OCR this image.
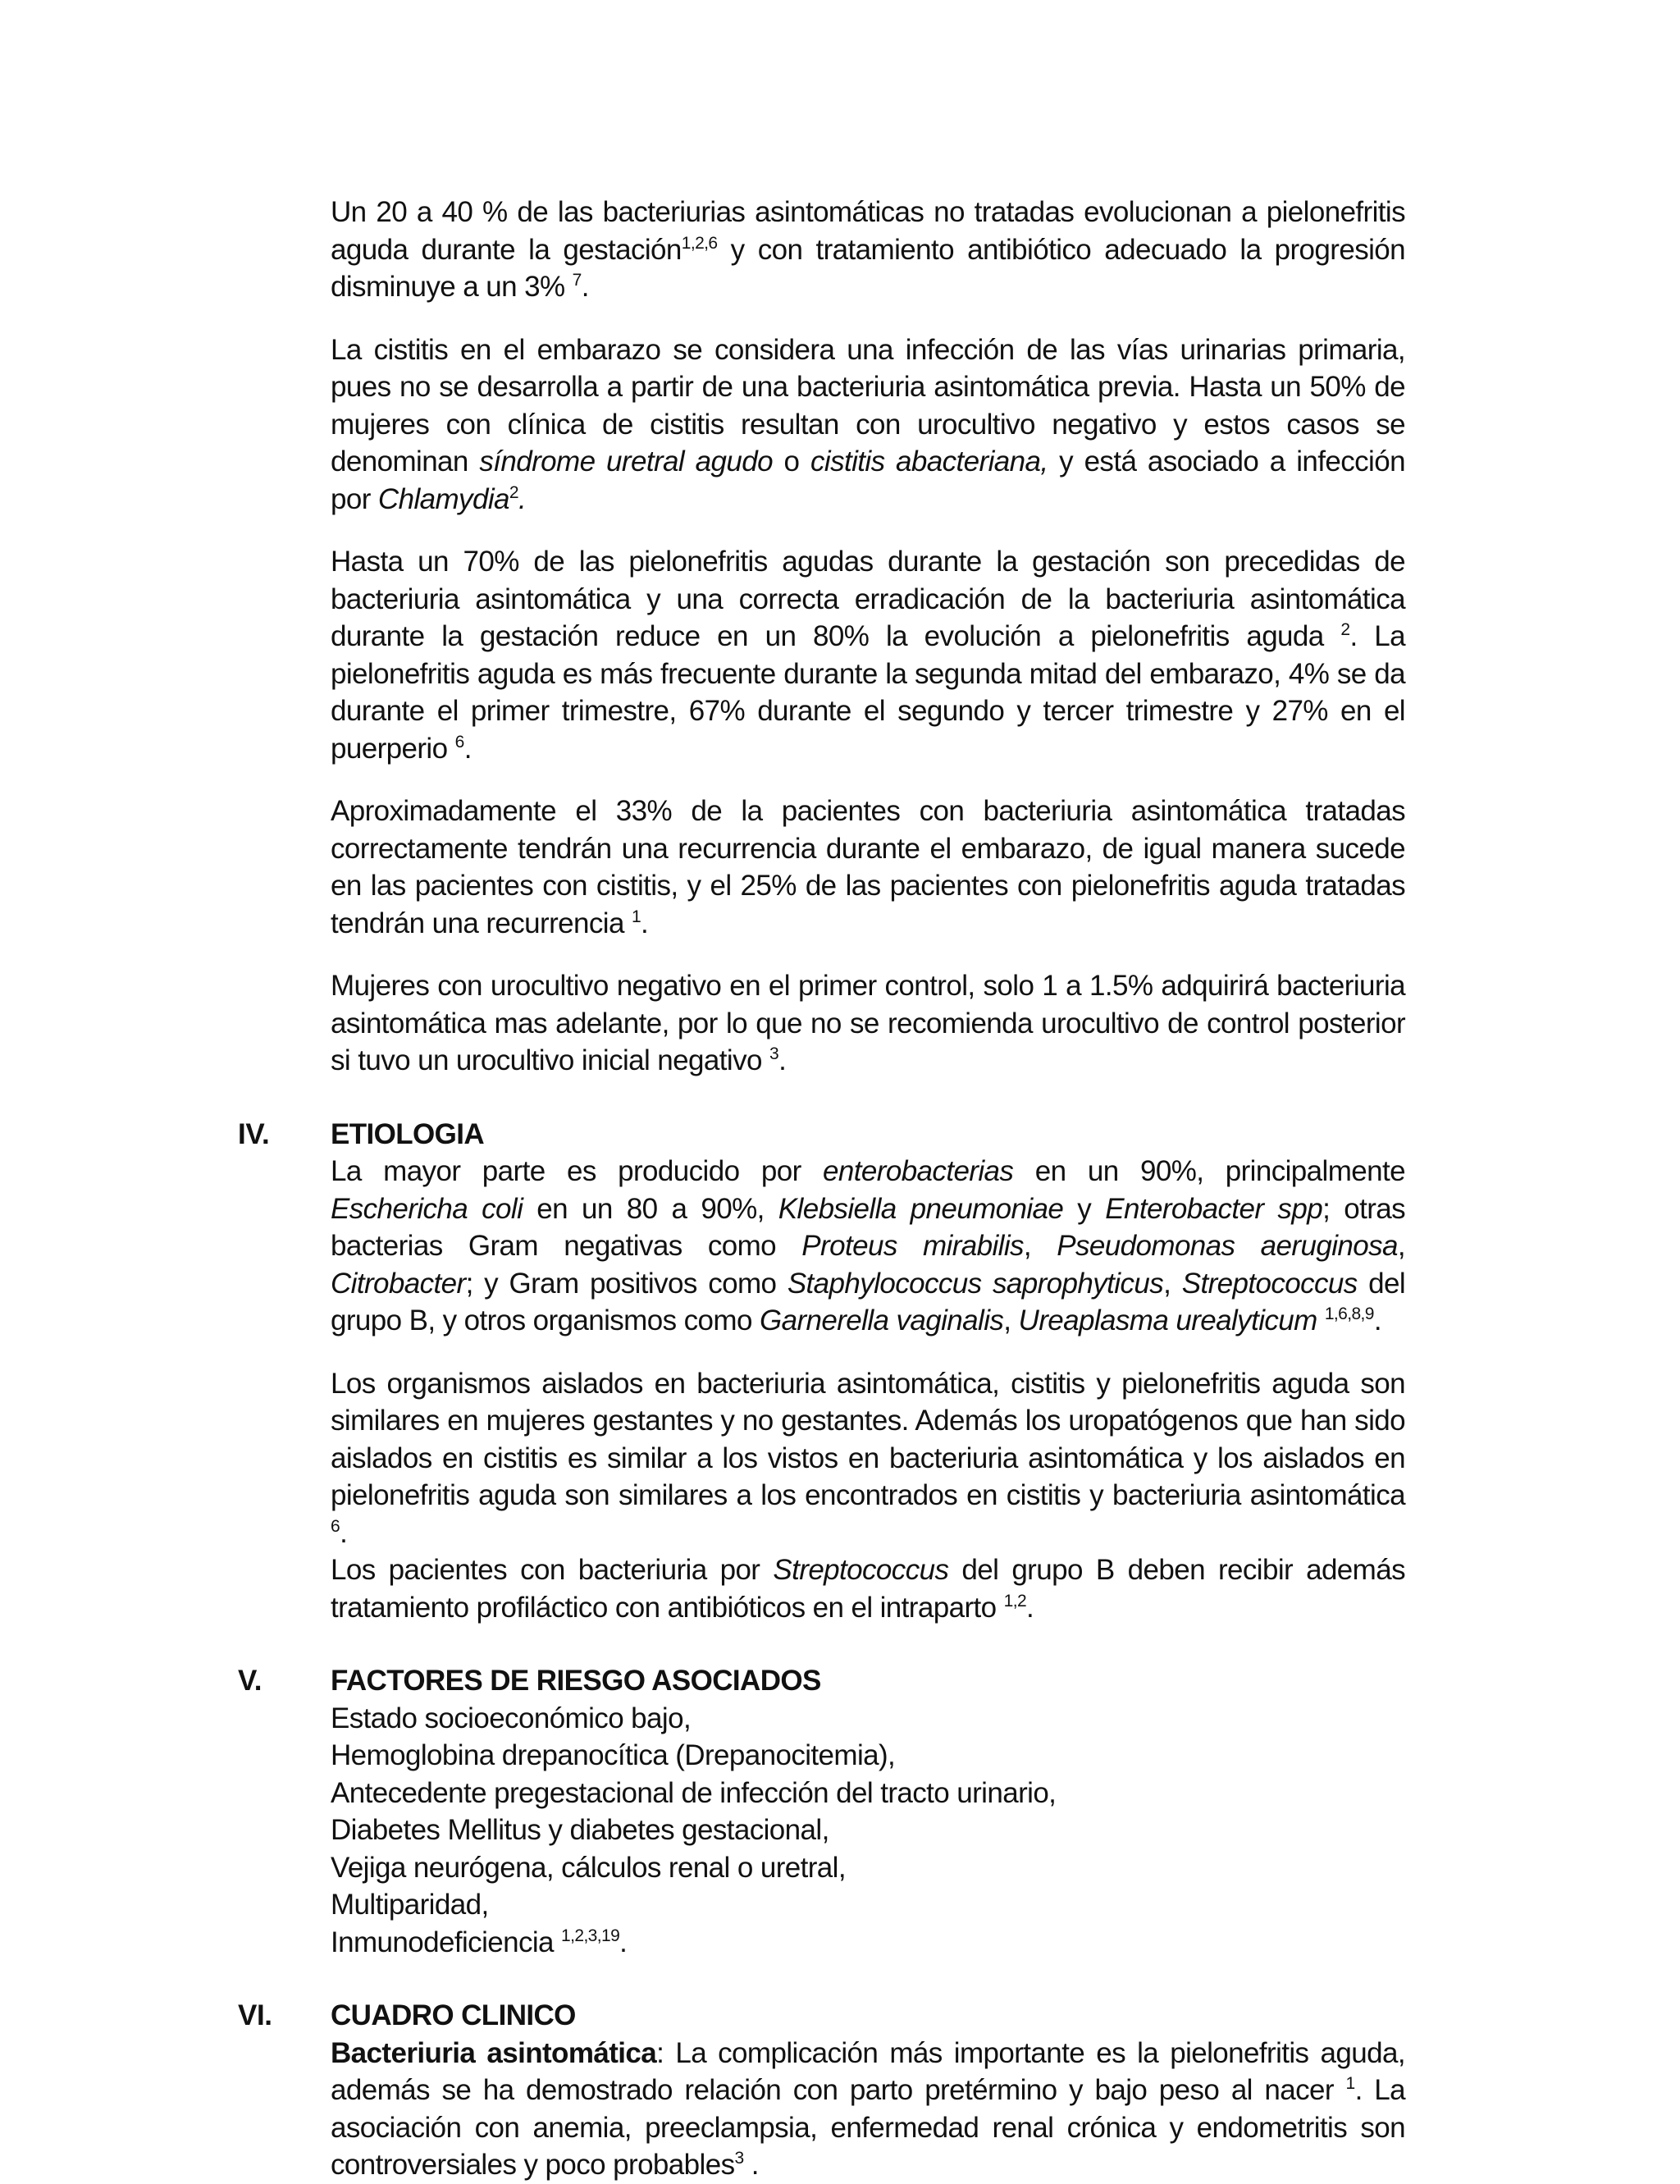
Un 20 a 40 % de las bacteriurias asintomáticas no tratadas evolucionan a pielonefritis aguda durante la gestación$^{1,2,6}$ y con tratamiento antibiótico adecuado la progresión disminuye a un 3% $^7$.

La cistitis en el embarazo se considera una infección de las vías urinarias primaria, pues no se desarrolla a partir de una bacteriuria asintomática previa. Hasta un 50% de mujeres con clínica de cistitis resultan con urocultivo negativo y estos casos se denominan síndrome uretral agudo o cistitis abacteriana, y está asociado a infección por Chlamydia$^2$.

Hasta un 70% de las pielonefritis agudas durante la gestación son precedidas de bacteriuria asintomática y una correcta erradicación de la bacteriuria asintomática durante la gestación reduce en un 80% la evolución a pielonefritis aguda $^2$. La pielonefritis aguda es más frecuente durante la segunda mitad del embarazo, 4% se da durante el primer trimestre, 67% durante el segundo y tercer trimestre y 27% en el puerperio $^6$.

Aproximadamente el 33% de la pacientes con bacteriuria asintomática tratadas correctamente tendrán una recurrencia durante el embarazo, de igual manera sucede en las pacientes con cistitis, y el 25% de las pacientes con pielonefritis aguda tratadas tendrán una recurrencia $^1$.

Mujeres con urocultivo negativo en el primer control, solo 1 a 1.5% adquirirá bacteriuria asintomática mas adelante, por lo que no se recomienda urocultivo de control posterior si tuvo un urocultivo inicial negativo $^3$.

IV. ETIOLOGIA

La mayor parte es producido por enterobacterias en un 90%, principalmente Eschericha coli en un 80 a 90%, Klebsiella pneumoniae y Enterobacter spp; otras bacterias Gram negativas como Proteus mirabilis, Pseudomonas aeruginosa, Citrobacter; y Gram positivos como Staphylococcus saprophyticus, Streptococcus del grupo B, y otros organismos como Garnerella vaginalis, Ureaplasma urealyticum $^{1,6,8,9}$.

Los organismos aislados en bacteriuria asintomática, cistitis y pielonefritis aguda son similares en mujeres gestantes y no gestantes. Además los uropatógenos que han sido aislados en cistitis es similar a los vistos en bacteriuria asintomática y los aislados en pielonefritis aguda son similares a los encontrados en cistitis y bacteriuria asintomática $^6$.
Los pacientes con bacteriuria por Streptococcus del grupo B deben recibir además tratamiento profiláctico con antibióticos en el intraparto $^{1,2}$.

V. FACTORES DE RIESGO ASOCIADOS
Estado socioeconómico bajo,
Hemoglobina drepanocítica (Drepanocitemia),
Antecedente pregestacional de infección del tracto urinario,
Diabetes Mellitus y diabetes gestacional,
Vejiga neurógena, cálculos renal o uretral,
Multiparidad,
Inmunodeficiencia $^{1,2,3,19}$.
VI. CUADRO CLINICO

Bacteriuria asintomática: La complicación más importante es la pielonefritis aguda, además se ha demostrado relación con parto pretérmino y bajo peso al nacer $^1$. La asociación con anemia, preeclampsia, enfermedad renal crónica y endometritis son controversiales y poco probables$^3$ .
